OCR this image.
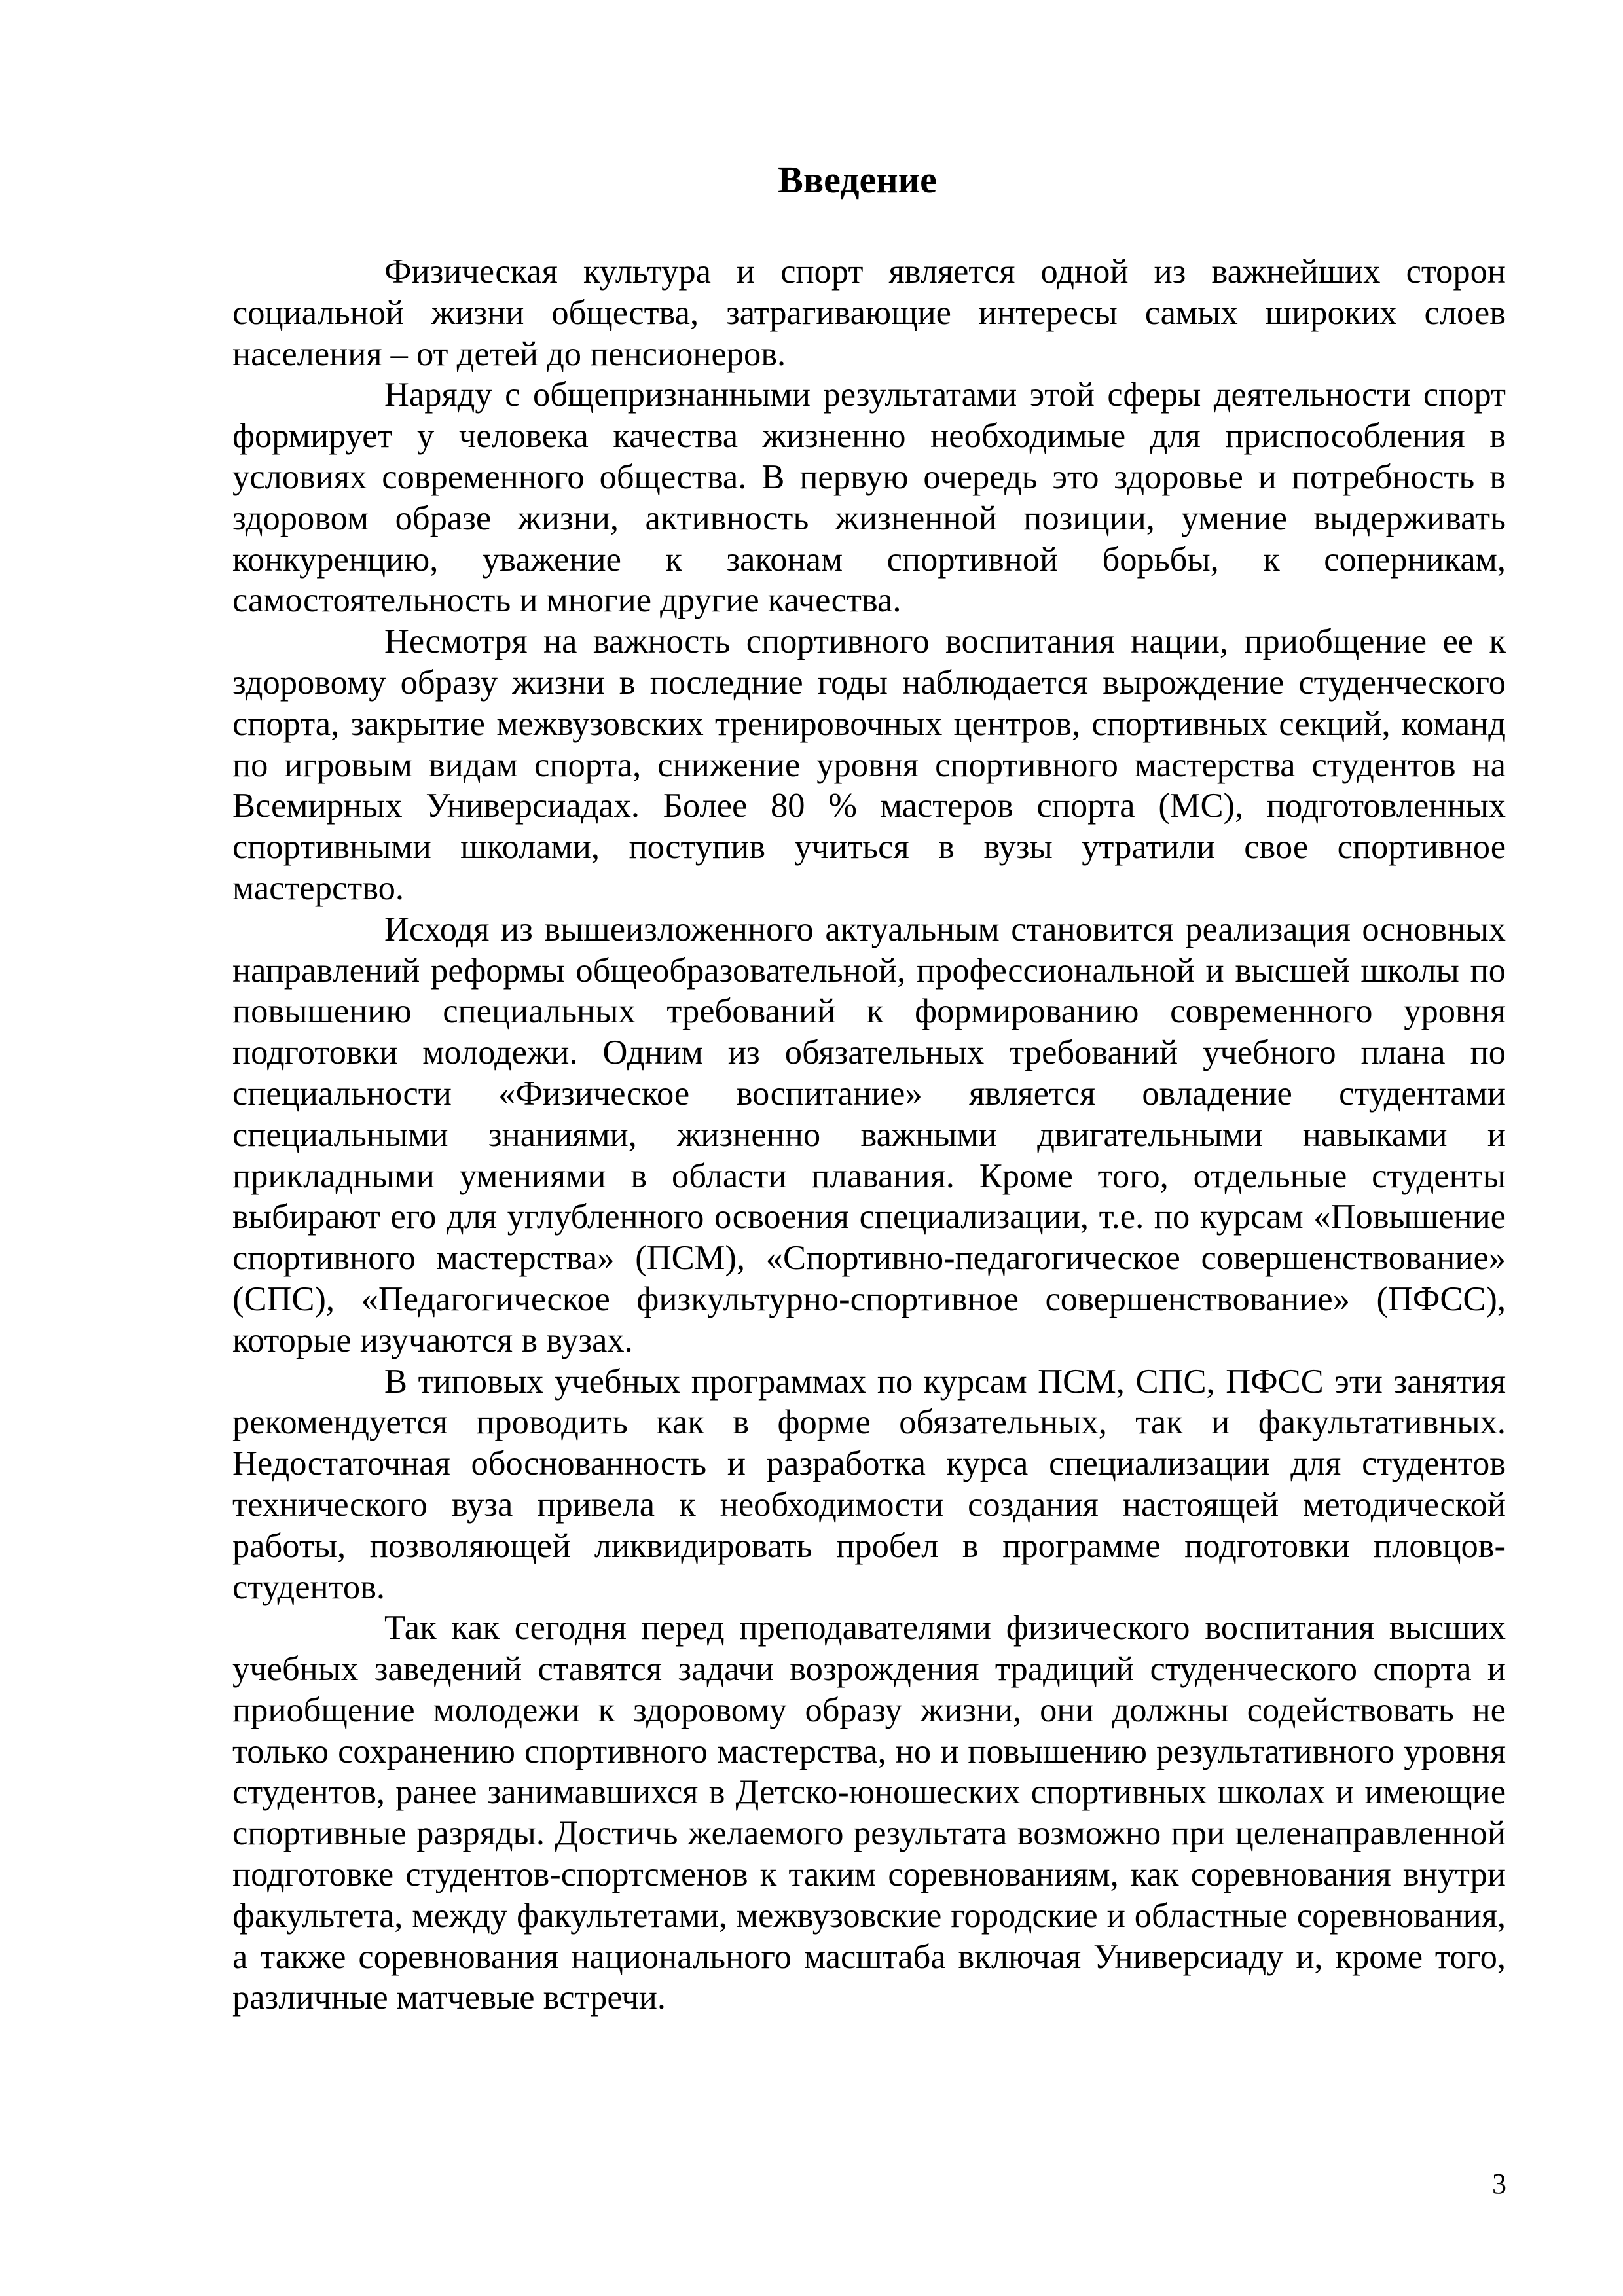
Введение

Физическая культура и спорт является одной из важнейших сторон социальной жизни общества, затрагивающие интересы самых широких слоев населения – от детей до пенсионеров.

Наряду с общепризнанными результатами этой сферы деятельности спорт формирует у человека качества жизненно необходимые для приспособления в условиях современного общества. В первую очередь это здоровье и потребность в здоровом образе жизни, активность жизненной позиции, умение выдерживать конкуренцию, уважение к законам спортивной борьбы, к соперникам, самостоятельность и многие другие качества.

Несмотря на важность спортивного воспитания нации, приобщение ее к здоровому образу жизни в последние годы наблюдается вырождение студенческого спорта, закрытие межвузовских тренировочных центров, спортивных секций, команд по игровым видам спорта, снижение уровня спортивного мастерства студентов на Всемирных Универсиадах. Более 80 % мастеров спорта (МС), подготовленных спортивными школами, поступив учиться в вузы утратили свое спортивное мастерство.

Исходя из вышеизложенного актуальным становится реализация основных направлений реформы общеобразовательной, профессиональной и высшей школы по повышению специальных требований к формированию современного уровня подготовки молодежи. Одним из обязательных требований учебного плана по специальности «Физическое воспитание» является овладение студентами специальными знаниями, жизненно важными двигательными навыками и прикладными умениями в области плавания. Кроме того, отдельные студенты выбирают его для углубленного освоения специализации, т.е. по курсам «Повышение спортивного мастерства» (ПСМ), «Спортивно-педагогическое совершенствование» (СПС), «Педагогическое физкультурно-спортивное совершенствование» (ПФСС), которые изучаются в вузах.

В типовых учебных программах по курсам ПСМ, СПС, ПФСС эти занятия рекомендуется проводить как в форме обязательных, так и факультативных. Недостаточная обоснованность и разработка курса специализации для студентов технического вуза привела к необходимости создания настоящей методической работы, позволяющей ликвидировать пробел в программе подготовки пловцов-студентов.

Так как сегодня перед преподавателями физического воспитания высших учебных заведений ставятся задачи возрождения традиций студенческого спорта и приобщение молодежи к здоровому образу жизни, они должны содействовать не только сохранению спортивного мастерства, но и повышению результативного уровня студентов, ранее занимавшихся в Детско-юношеских спортивных школах и имеющие спортивные разряды. Достичь желаемого результата возможно при целенаправленной подготовке студентов-спортсменов к таким соревнованиям, как соревнования внутри факультета, между факультетами, межвузовские городские и областные соревнования, а также соревнования национального масштаба включая Универсиаду и, кроме того, различные матчевые встречи.

3
